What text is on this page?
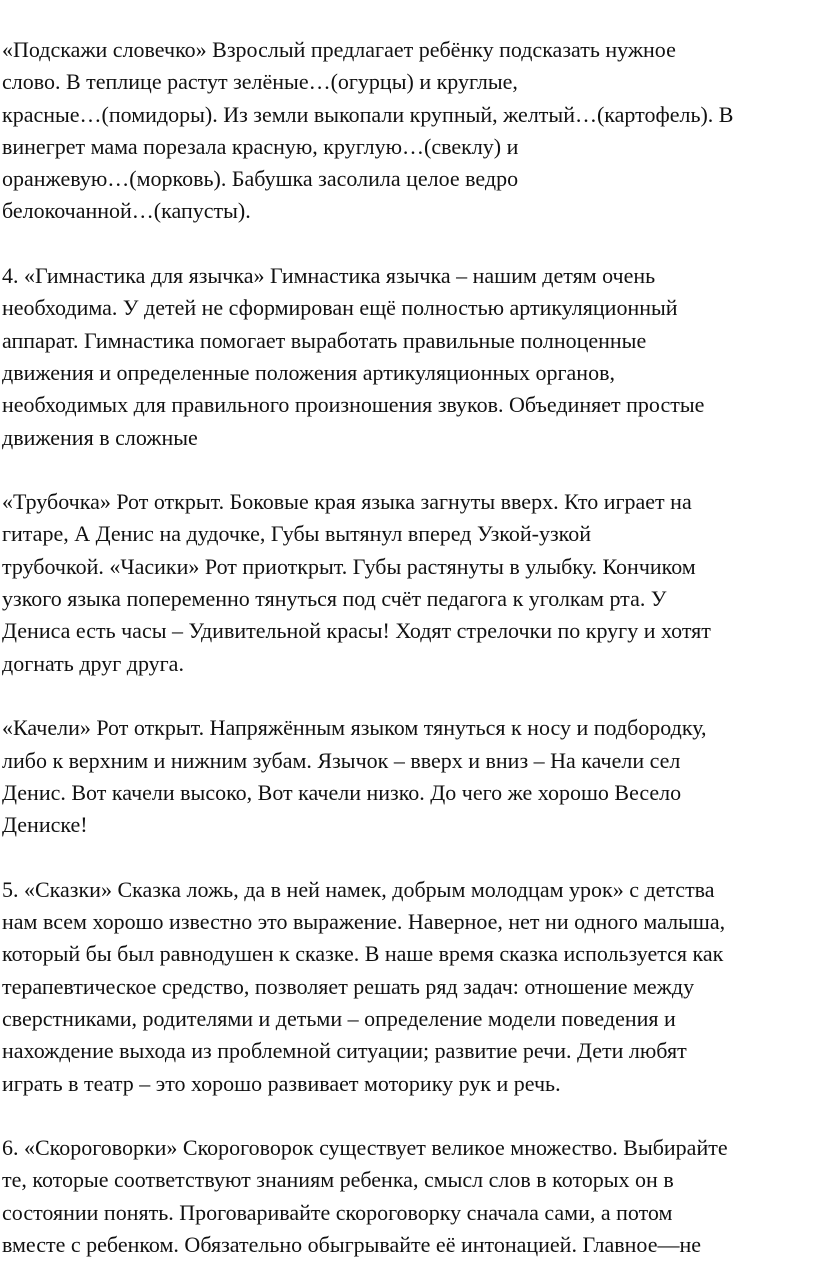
«Подскажи словечко» Взрослый предлагает ребёнку подсказать нужное
слово. В теплице растут зелёные…(огурцы) и круглые,
красные…(помидоры). Из земли выкопали крупный, желтый…(картофель). В
винегрет мама порезала красную, круглую…(свеклу) и
оранжевую…(морковь). Бабушка засолила целое ведро
белокочанной…(капусты).

4. «Гимнастика для язычка» Гимнастика язычка – нашим детям очень
необходима. У детей не сформирован ещё полностью артикуляционный
аппарат. Гимнастика помогает выработать правильные полноценные
движения и определенные положения артикуляционных органов,
необходимых для правильного произношения звуков. Объединяет простые
движения в сложные

«Трубочка» Рот открыт. Боковые края языка загнуты вверх. Кто играет на
гитаре, А Денис на дудочке, Губы вытянул вперед Узкой-узкой
трубочкой. «Часики» Рот приоткрыт. Губы растянуты в улыбку. Кончиком
узкого языка попеременно тянуться под счёт педагога к уголкам рта. У
Дениса есть часы – Удивительной красы! Ходят стрелочки по кругу и хотят
догнать друг друга.

«Качели» Рот открыт. Напряжённым языком тянуться к носу и подбородку,
либо к верхним и нижним зубам. Язычок – вверх и вниз – На качели сел
Денис. Вот качели высоко, Вот качели низко. До чего же хорошо Весело
Дениске!

5. «Сказки» Сказка ложь, да в ней намек, добрым молодцам урок» с детства
нам всем хорошо известно это выражение. Наверное, нет ни одного малыша,
который бы был равнодушен к сказке. В наше время сказка используется как
терапевтическое средство, позволяет решать ряд задач: отношение между
сверстниками, родителями и детьми – определение модели поведения и
нахождение выхода из проблемной ситуации; развитие речи. Дети любят
играть в театр – это хорошо развивает моторику рук и речь.

6. «Скороговорки» Скороговорок существует великое множество. Выбирайте
те, которые соответствуют знаниям ребенка, смысл слов в которых он в
состоянии понять. Проговаривайте скороговорку сначала сами, а потом
вместе с ребенком. Обязательно обыгрывайте её интонацией. Главное—не
